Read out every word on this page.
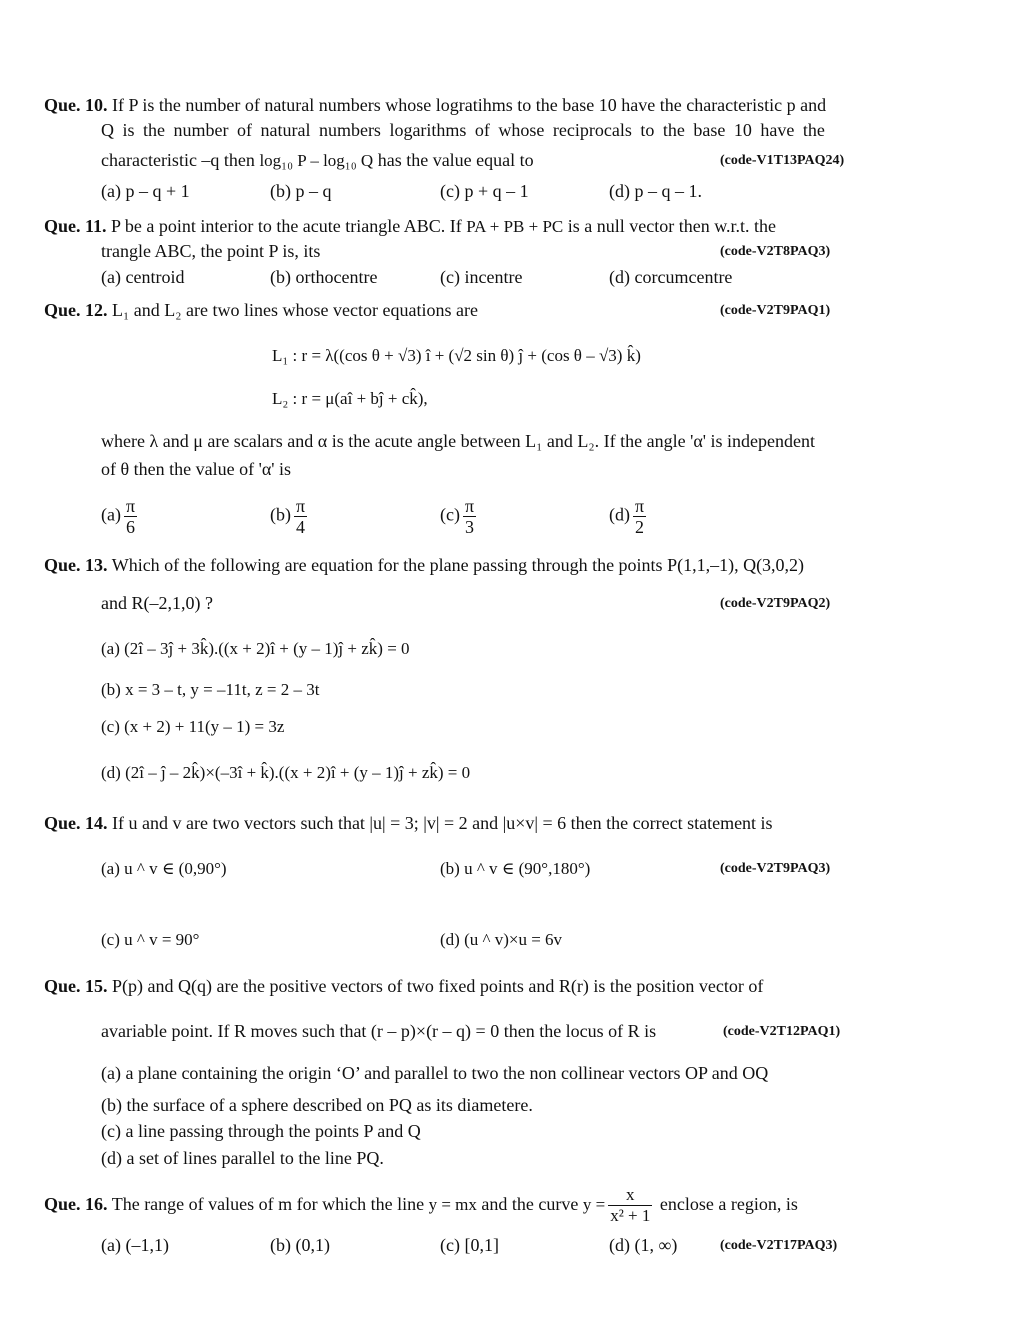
Que. 10. If P is the number of natural numbers whose logratihms to the base 10 have the characteristic p and
Q is the number of natural numbers logarithms of whose reciprocals to the base 10 have the
characteristic –q then log₁₀ P – log₁₀ Q has the value equal to	(code-V1T13PAQ24)
(a) p – q + 1	(b) p – q	(c) p + q – 1	(d) p – q – 1.
Que. 11. P be a point interior to the acute triangle ABC. If PA + PB + PC is a null vector then w.r.t. the
trangle ABC, the point P is, its	(code-V2T8PAQ3)
(a) centroid	(b) orthocentre	(c) incentre	(d) corcumcentre
Que. 12. L₁ and L₂ are two lines whose vector equations are	(code-V2T9PAQ1)
L₁ : r = λ((cos θ + √3) î + (√2 sin θ) ĵ + (cos θ – √3) k̂)
L₂ : r = μ(aî + bĵ + ck̂),
where λ and μ are scalars and α is the acute angle between L₁ and L₂. If the angle 'α' is independent
of θ then the value of 'α' is
$(a) \frac{\pi}{6}$	$(b) \frac{\pi}{4}$	$(c) \frac{\pi}{3}$	$(d) \frac{\pi}{2}$
Que. 13. Which of the following are equation for the plane passing through the points P(1,1,–1), Q(3,0,2)
and R(–2,1,0) ?	(code-V2T9PAQ2)
(a) (2î – 3ĵ + 3k̂).((x + 2)î + (y – 1)ĵ + zk̂) = 0
(b) x = 3 – t, y = –11t, z = 2 – 3t
(c) (x + 2) + 11(y – 1) = 3z
(d) (2î – ĵ – 2k̂)×(–3î + k̂).((x + 2)î + (y – 1)ĵ + zk̂) = 0
Que. 14. If u and v are two vectors such that |u| = 3; |v| = 2 and |u×v| = 6 then the correct statement is
(a) u ^ v ∈ (0,90°)	(b) u ^ v ∈ (90°,180°)	(code-V2T9PAQ3)
(c) u ^ v = 90°	(d) (u ^ v)×u = 6v
Que. 15. P(p) and Q(q) are the positive vectors of two fixed points and R(r) is the position vector of
avariable point. If R moves such that (r – p)×(r – q) = 0 then the locus of R is	(code-V2T12PAQ1)
(a) a plane containing the origin ‘O’ and parallel to two the non collinear vectors OP and OQ
(b) the surface of a sphere described on PQ as its diametere.
(c) a line passing through the points P and Q
(d) a set of lines parallel to the line PQ.
Que. 16. The range of values of m for which the line y = mx and the curve $y = \frac{x}{\text{x² + 1}}$ enclose a region, is
(a) (–1,1)	(b) (0,1)	(c) [0,1]	(d) (1, ∞)	(code-V2T17PAQ3)
